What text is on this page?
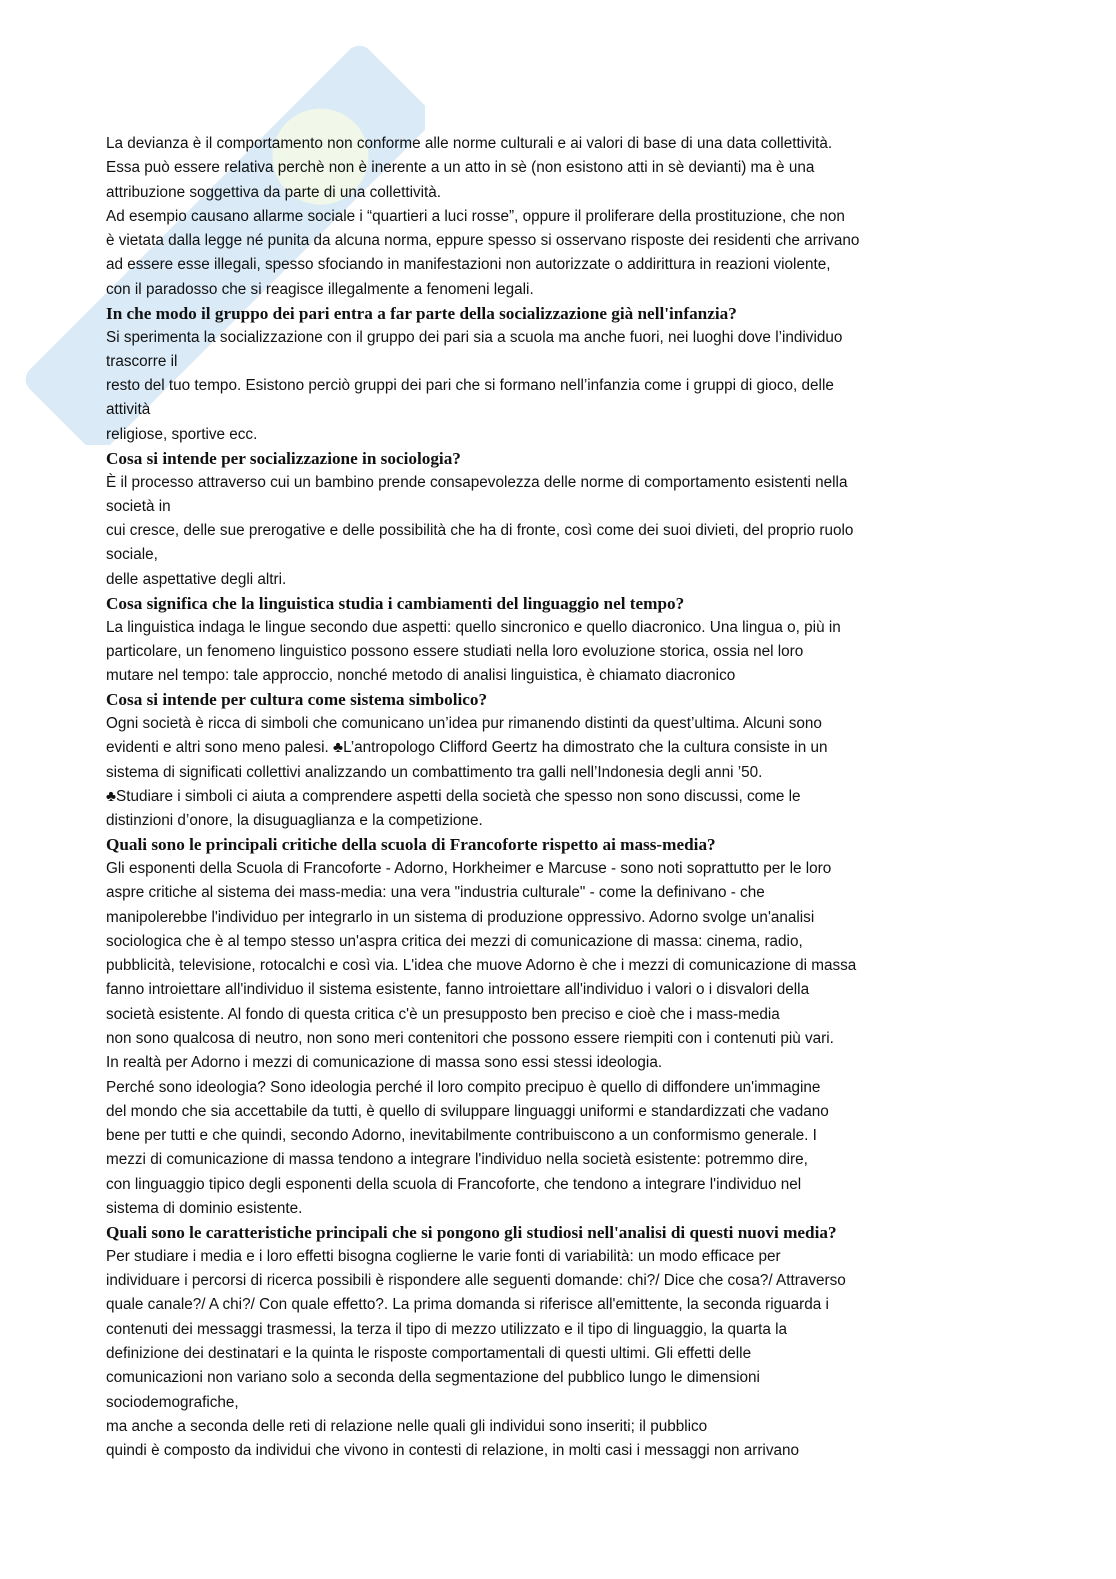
La devianza è il comportamento non conforme alle norme culturali e ai valori di base di una data collettività.
Essa può essere relativa perchè non è inerente a un atto in sè (non esistono atti in sè devianti) ma è una
attribuzione soggettiva da parte di una collettività.
Ad esempio causano allarme sociale i “quartieri a luci rosse”, oppure il proliferare della prostituzione, che non
è vietata dalla legge né punita da alcuna norma, eppure spesso si osservano risposte dei residenti che arrivano
ad essere esse illegali, spesso sfociando in manifestazioni non autorizzate o addirittura in reazioni violente,
con il paradosso che si reagisce illegalmente a fenomeni legali.
In che modo il gruppo dei pari entra a far parte della socializzazione già nell'infanzia?
Si sperimenta la socializzazione con il gruppo dei pari sia a scuola ma anche fuori, nei luoghi dove l’individuo
trascorre il
resto del tuo tempo. Esistono perciò gruppi dei pari che si formano nell’infanzia come i gruppi di gioco, delle
attività
religiose, sportive ecc.
Cosa si intende per socializzazione in sociologia?
È il processo attraverso cui un bambino prende consapevolezza delle norme di comportamento esistenti nella
società in
cui cresce, delle sue prerogative e delle possibilità che ha di fronte, così come dei suoi divieti, del proprio ruolo
sociale,
delle aspettative degli altri.
Cosa significa che la linguistica studia i cambiamenti del linguaggio nel tempo?
La linguistica indaga le lingue secondo due aspetti: quello sincronico e quello diacronico. Una lingua o, più in
particolare, un fenomeno linguistico possono essere studiati nella loro evoluzione storica, ossia nel loro
mutare nel tempo: tale approccio, nonché metodo di analisi linguistica, è chiamato diacronico
Cosa si intende per cultura come sistema simbolico?
Ogni società è ricca di simboli che comunicano un’idea pur rimanendo distinti da quest’ultima. Alcuni sono
evidenti e altri sono meno palesi. ♣L’antropologo Clifford Geertz ha dimostrato che la cultura consiste in un
sistema di significati collettivi analizzando un combattimento tra galli nell’Indonesia degli anni ’50.
♣Studiare i simboli ci aiuta a comprendere aspetti della società che spesso non sono discussi, come le
distinzioni d’onore, la disuguaglianza e la competizione.
Quali sono le principali critiche della scuola di Francoforte rispetto ai mass-media?
Gli esponenti della Scuola di Francoforte - Adorno, Horkheimer e Marcuse - sono noti soprattutto per le loro
aspre critiche al sistema dei mass-media: una vera "industria culturale" - come la definivano - che
manipolerebbe l'individuo per integrarlo in un sistema di produzione oppressivo. Adorno svolge un'analisi
sociologica che è al tempo stesso un'aspra critica dei mezzi di comunicazione di massa: cinema, radio,
pubblicità, televisione, rotocalchi e così via. L'idea che muove Adorno è che i mezzi di comunicazione di massa
fanno introiettare all'individuo il sistema esistente, fanno introiettare all'individuo i valori o i disvalori della
società esistente. Al fondo di questa critica c'è un presupposto ben preciso e cioè che i mass-media
non sono qualcosa di neutro, non sono meri contenitori che possono essere riempiti con i contenuti più vari.
In realtà per Adorno i mezzi di comunicazione di massa sono essi stessi ideologia.
Perché sono ideologia? Sono ideologia perché il loro compito precipuo è quello di diffondere un'immagine
del mondo che sia accettabile da tutti, è quello di sviluppare linguaggi uniformi e standardizzati che vadano
bene per tutti e che quindi, secondo Adorno, inevitabilmente contribuiscono a un conformismo generale. I
mezzi di comunicazione di massa tendono a integrare l'individuo nella società esistente: potremmo dire,
con linguaggio tipico degli esponenti della scuola di Francoforte, che tendono a integrare l'individuo nel
sistema di dominio esistente.
Quali sono le caratteristiche principali che si pongono gli studiosi nell'analisi di questi nuovi media?
Per studiare i media e i loro effetti bisogna coglierne le varie fonti di variabilità: un modo efficace per
individuare i percorsi di ricerca possibili è rispondere alle seguenti domande: chi?/ Dice che cosa?/ Attraverso
quale canale?/ A chi?/ Con quale effetto?. La prima domanda si riferisce all'emittente, la seconda riguarda i
contenuti dei messaggi trasmessi, la terza il tipo di mezzo utilizzato e il tipo di linguaggio, la quarta la
definizione dei destinatari e la quinta le risposte comportamentali di questi ultimi. Gli effetti delle
comunicazioni non variano solo a seconda della segmentazione del pubblico lungo le dimensioni
sociodemografiche,
ma anche a seconda delle reti di relazione nelle quali gli individui sono inseriti; il pubblico
quindi è composto da individui che vivono in contesti di relazione, in molti casi i messaggi non arrivano
